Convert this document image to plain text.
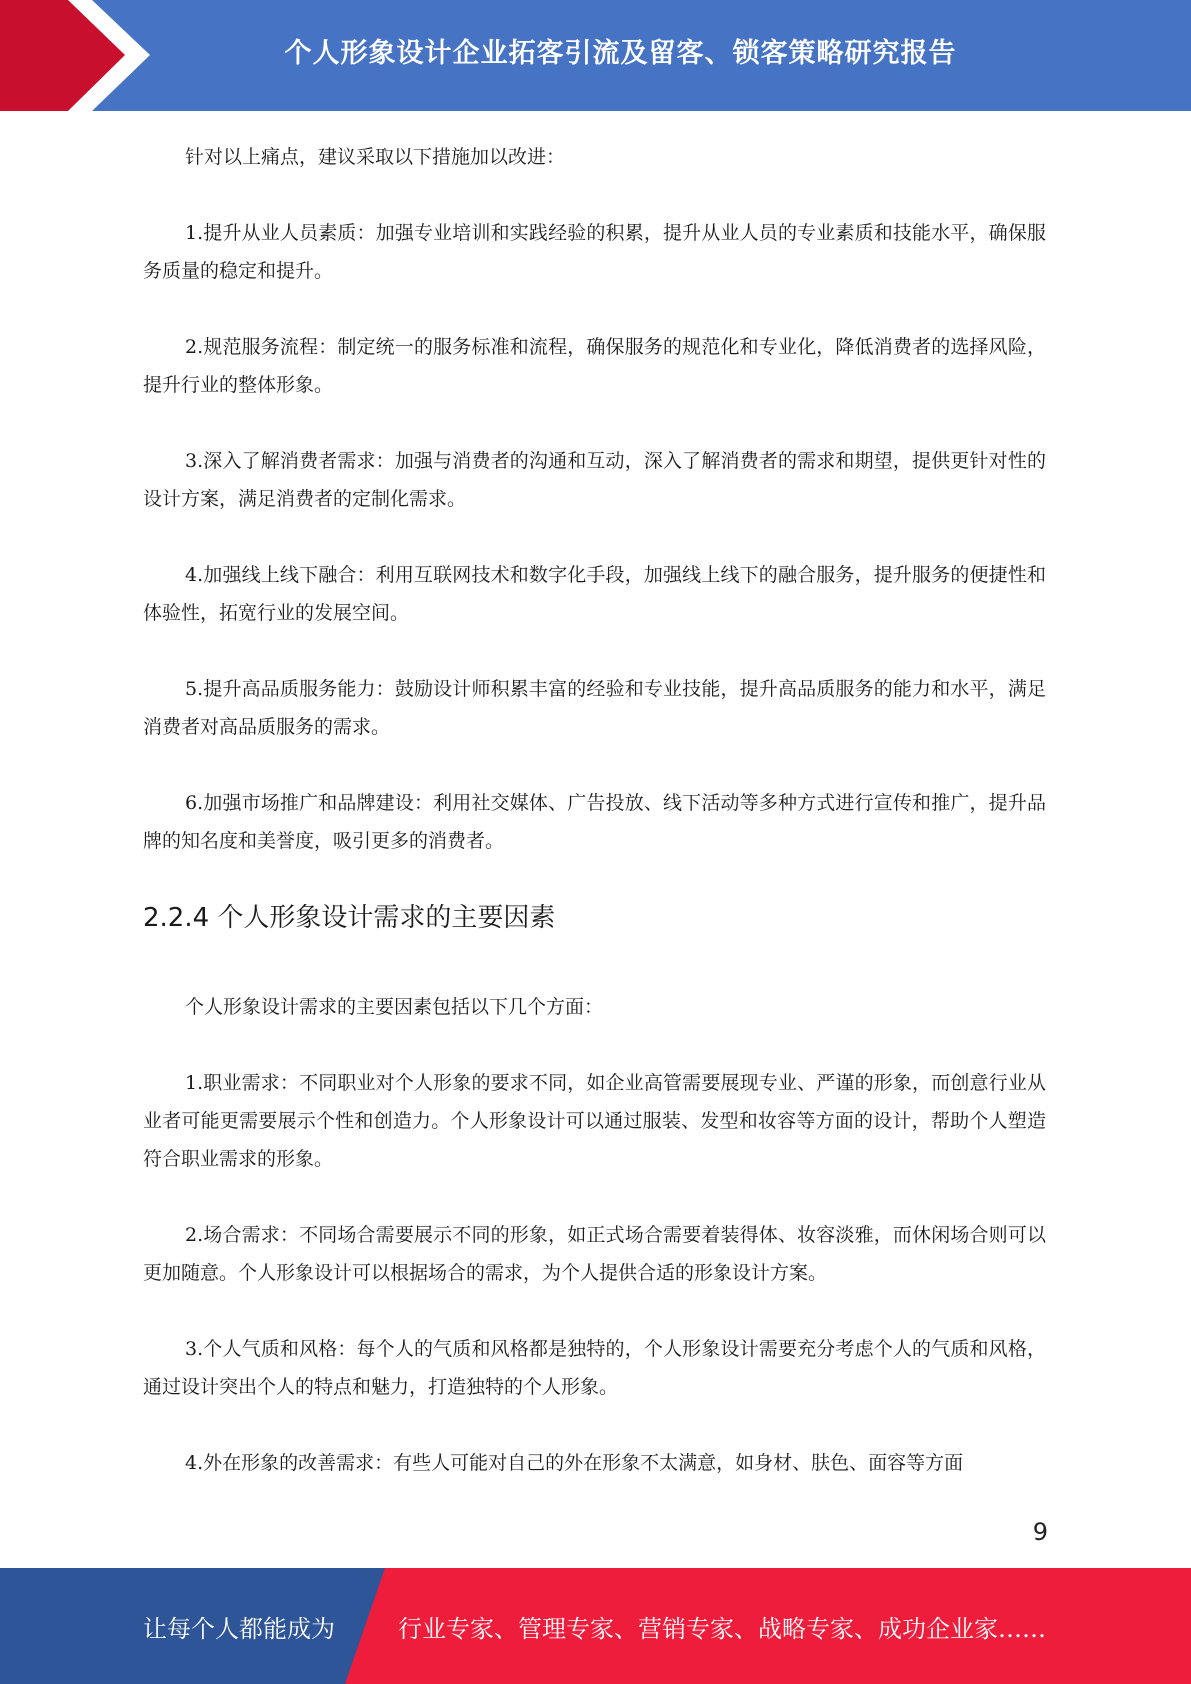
个人形象设计企业拓客引流及留客、锁客策略研究报告

针对以上痛点，建议采取以下措施加以改进：

1.提升从业人员素质：加强专业培训和实践经验的积累，提升从业人员的专业素质和技能水平，确保服务质量的稳定和提升。

2.规范服务流程：制定统一的服务标准和流程，确保服务的规范化和专业化，降低消费者的选择风险，提升行业的整体形象。

3.深入了解消费者需求：加强与消费者的沟通和互动，深入了解消费者的需求和期望，提供更针对性的设计方案，满足消费者的定制化需求。

4.加强线上线下融合：利用互联网技术和数字化手段，加强线上线下的融合服务，提升服务的便捷性和体验性，拓宽行业的发展空间。

5.提升高品质服务能力：鼓励设计师积累丰富的经验和专业技能，提升高品质服务的能力和水平，满足消费者对高品质服务的需求。

6.加强市场推广和品牌建设：利用社交媒体、广告投放、线下活动等多种方式进行宣传和推广，提升品牌的知名度和美誉度，吸引更多的消费者。

2.2.4 个人形象设计需求的主要因素

个人形象设计需求的主要因素包括以下几个方面：

1.职业需求：不同职业对个人形象的要求不同，如企业高管需要展现专业、严谨的形象，而创意行业从业者可能更需要展示个性和创造力。个人形象设计可以通过服装、发型和妆容等方面的设计，帮助个人塑造符合职业需求的形象。

2.场合需求：不同场合需要展示不同的形象，如正式场合需要着装得体、妆容淡雅，而休闲场合则可以更加随意。个人形象设计可以根据场合的需求，为个人提供合适的形象设计方案。

3.个人气质和风格：每个人的气质和风格都是独特的，个人形象设计需要充分考虑个人的气质和风格，通过设计突出个人的特点和魅力，打造独特的个人形象。

4.外在形象的改善需求：有些人可能对自己的外在形象不太满意，如身材、肤色、面容等方面

9
让每个人都能成为	行业专家、管理专家、营销专家、战略专家、成功企业家……
